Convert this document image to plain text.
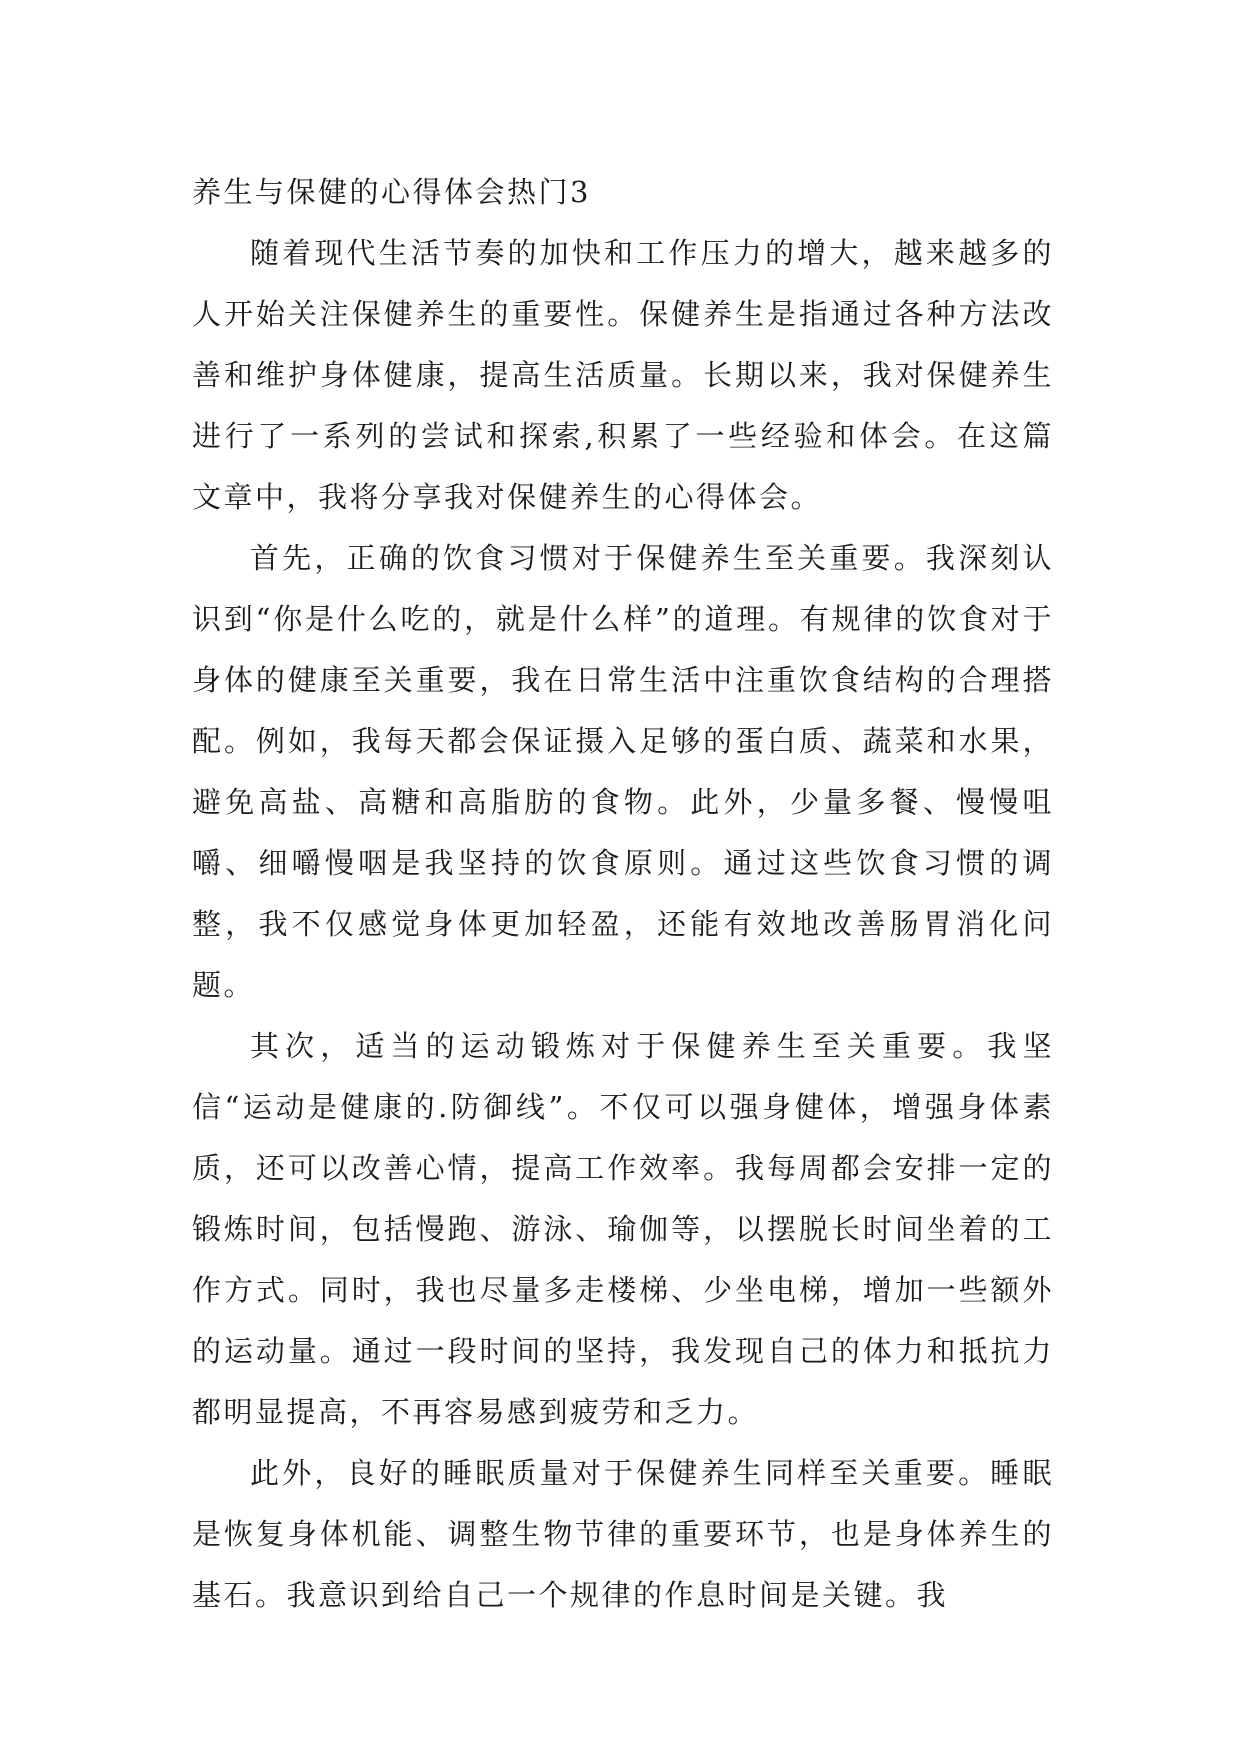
养生与保健的心得体会热门3

随着现代生活节奏的加快和工作压力的增大，越来越多的人开始关注保健养生的重要性。保健养生是指通过各种方法改善和维护身体健康，提高生活质量。长期以来，我对保健养生进行了一系列的尝试和探索,积累了一些经验和体会。在这篇文章中，我将分享我对保健养生的心得体会。

首先，正确的饮食习惯对于保健养生至关重要。我深刻认识到“你是什么吃的，就是什么样”的道理。有规律的饮食对于身体的健康至关重要，我在日常生活中注重饮食结构的合理搭配。例如，我每天都会保证摄入足够的蛋白质、蔬菜和水果，避免高盐、高糖和高脂肪的食物。此外，少量多餐、慢慢咀嚼、细嚼慢咽是我坚持的饮食原则。通过这些饮食习惯的调整，我不仅感觉身体更加轻盈，还能有效地改善肠胃消化问题。

其次，适当的运动锻炼对于保健养生至关重要。我坚信“运动是健康的.防御线”。不仅可以强身健体，增强身体素质，还可以改善心情，提高工作效率。我每周都会安排一定的锻炼时间，包括慢跑、游泳、瑜伽等，以摆脱长时间坐着的工作方式。同时，我也尽量多走楼梯、少坐电梯，增加一些额外的运动量。通过一段时间的坚持，我发现自己的体力和抵抗力都明显提高，不再容易感到疲劳和乏力。

此外，良好的睡眠质量对于保健养生同样至关重要。睡眠是恢复身体机能、调整生物节律的重要环节，也是身体养生的基石。我意识到给自己一个规律的作息时间是关键。我
